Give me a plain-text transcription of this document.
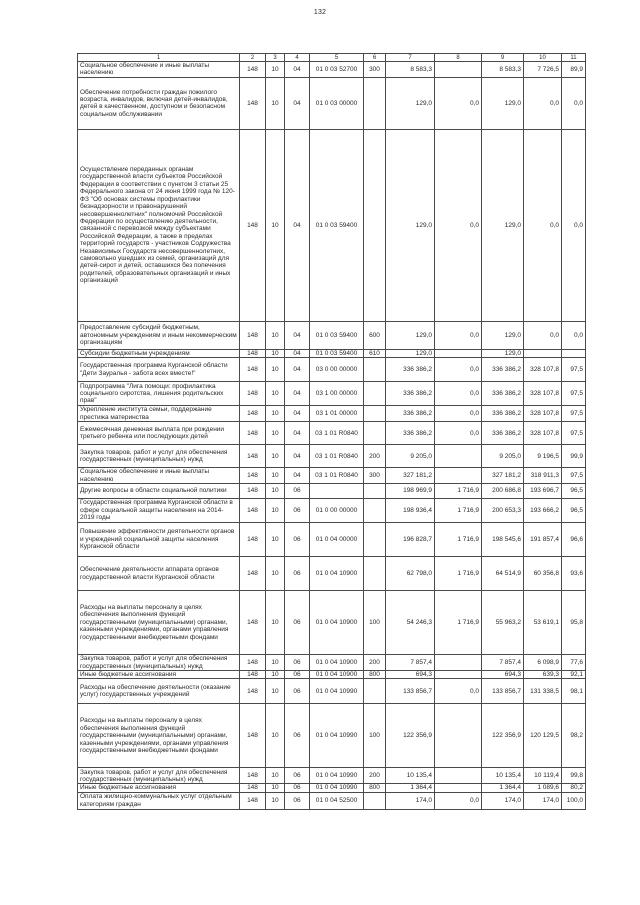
132
1	2	3	4	5	6	7	8	9	10	11
Социальное обеспечение и иные выплаты населению	148	10	04	01 0 03 52700	300	8 583,3		8 583,3	7 726,5	89,9
Обеспечение потребности граждан пожилого возраста, инвалидов, включая детей-инвалидов, детей в качественном, доступном и безопасном социальном обслуживании	148	10	04	01 0 03 00000		129,0	0,0	129,0	0,0	0,0
Осуществление переданных органам государственной власти субъектов Российской Федерации в соответствии с пунктом 3 статьи 25 Федерального закона от 24 июня 1999 года № 120-ФЗ "Об основах системы профилактики безнадзорности и правонарушений несовершеннолетних" полномочий Российской Федерации по осуществлению деятельности, связанной с перевозкой между субъектами Российской Федерации, а также в пределах территорий государств - участников Содружества Независимых Государств несовершеннолетних, самовольно ушедших из семей, организаций для детей-сирот и детей, оставшихся без попечения родителей, образовательных организаций и иных организаций	148	10	04	01 0 03 59400		129,0	0,0	129,0	0,0	0,0
Предоставление субсидий бюджетным, автономным учреждениям и иным некоммерческим организациям	148	10	04	01 0 03 59400	600	129,0	0,0	129,0	0,0	0,0
Субсидии бюджетным учреждениям	148	10	04	01 0 03 59400	610	129,0		129,0		
Государственная программа Курганской области "Дети Зауралья - забота всех вместе!"	148	10	04	03 0 00 00000		336 386,2	0,0	336 386,2	328 107,8	97,5
Подпрограмма "Лига помощи: профилактика социального сиротства, лишения родительских прав"	148	10	04	03 1 00 00000		336 386,2	0,0	336 386,2	328 107,8	97,5
Укрепление института семьи, поддержание престижа материнства	148	10	04	03 1 01 00000		336 386,2	0,0	336 386,2	328 107,8	97,5
Ежемесячная денежная выплата при рождении третьего ребенка или последующих детей	148	10	04	03 1 01 R0840		336 386,2	0,0	336 386,2	328 107,8	97,5
Закупка товаров, работ и услуг для обеспечения государственных (муниципальных) нужд	148	10	04	03 1 01 R0840	200	9 205,0		9 205,0	9 196,5	99,9
Социальное обеспечение и иные выплаты населению	148	10	04	03 1 01 R0840	300	327 181,2		327 181,2	318 911,3	97,5
Другие вопросы в области социальной политики	148	10	06			198 969,9	1 716,9	200 686,8	193 696,7	96,5
Государственная программа Курганской области в сфере социальной защиты населения на 2014-2019 годы	148	10	06	01 0 00 00000		198 936,4	1 716,9	200 653,3	193 666,2	96,5
Повышение эффективности деятельности органов и учреждений социальной защиты населения Курганской области	148	10	06	01 0 04 00000		196 828,7	1 716,9	198 545,6	191 857,4	96,6
Обеспечение деятельности аппарата органов государственной власти Курганской области	148	10	06	01 0 04 10900		62 798,0	1 716,9	64 514,9	60 356,8	93,6
Расходы на выплаты персоналу в целях обеспечения выполнения функций государственными (муниципальными) органами, казенными учреждениями, органами управления государственными внебюджетными фондами	148	10	06	01 0 04 10900	100	54 246,3	1 716,9	55 963,2	53 619,1	95,8
Закупка товаров, работ и услуг для обеспечения государственных (муниципальных) нужд	148	10	06	01 0 04 10900	200	7 857,4		7 857,4	6 098,9	77,6
Иные бюджетные ассигнования	148	10	06	01 0 04 10900	800	694,3		694,3	639,3	92,1
Расходы на обеспечение деятельности (оказание услуг) государственных учреждений	148	10	06	01 0 04 10990		133 856,7	0,0	133 856,7	131 338,5	98,1
Расходы на выплаты персоналу в целях обеспечения выполнения функций государственными (муниципальными) органами, казенными учреждениями, органами управления государственными внебюджетными фондами	148	10	06	01 0 04 10990	100	122 356,9		122 356,9	120 129,5	98,2
Закупка товаров, работ и услуг для обеспечения государственных (муниципальных) нужд	148	10	06	01 0 04 10990	200	10 135,4		10 135,4	10 119,4	99,8
Иные бюджетные ассигнования	148	10	06	01 0 04 10990	800	1 364,4		1 364,4	1 089,6	80,2
Оплата жилищно-коммунальных услуг отдельным категориям граждан	148	10	06	01 0 04 52500		174,0	0,0	174,0	174,0	100,0
